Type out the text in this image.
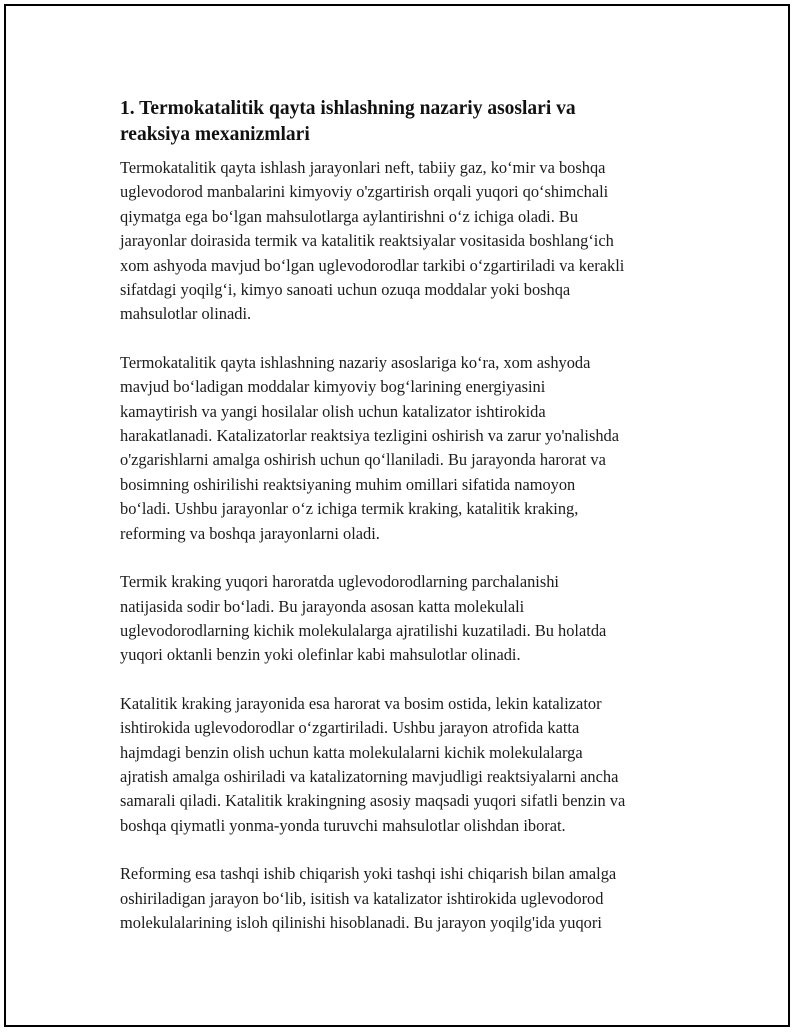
1. Termokatalitik qayta ishlashning nazariy asoslari va
reaksiya mexanizmlari

Termokatalitik qayta ishlash jarayonlari neft, tabiiy gaz, ko‘mir va boshqa
uglevodorod manbalarini kimyoviy o'zgartirish orqali yuqori qo‘shimchali
qiymatga ega bo‘lgan mahsulotlarga aylantirishni o‘z ichiga oladi. Bu
jarayonlar doirasida termik va katalitik reaktsiyalar vositasida boshlang‘ich
xom ashyoda mavjud bo‘lgan uglevodorodlar tarkibi o‘zgartiriladi va kerakli
sifatdagi yoqilg‘i, kimyo sanoati uchun ozuqa moddalar yoki boshqa
mahsulotlar olinadi.

Termokatalitik qayta ishlashning nazariy asoslariga ko‘ra, xom ashyoda
mavjud bo‘ladigan moddalar kimyoviy bog‘larining energiyasini
kamaytirish va yangi hosilalar olish uchun katalizator ishtirokida
harakatlanadi. Katalizatorlar reaktsiya tezligini oshirish va zarur yo'nalishda
o'zgarishlarni amalga oshirish uchun qo‘llaniladi. Bu jarayonda harorat va
bosimning oshirilishi reaktsiyaning muhim omillari sifatida namoyon
bo‘ladi. Ushbu jarayonlar o‘z ichiga termik kraking, katalitik kraking,
reforming va boshqa jarayonlarni oladi.

Termik kraking yuqori haroratda uglevodorodlarning parchalanishi
natijasida sodir bo‘ladi. Bu jarayonda asosan katta molekulali
uglevodorodlarning kichik molekulalarga ajratilishi kuzatiladi. Bu holatda
yuqori oktanli benzin yoki olefinlar kabi mahsulotlar olinadi.

Katalitik kraking jarayonida esa harorat va bosim ostida, lekin katalizator
ishtirokida uglevodorodlar o‘zgartiriladi. Ushbu jarayon atrofida katta
hajmdagi benzin olish uchun katta molekulalarni kichik molekulalarga
ajratish amalga oshiriladi va katalizatorning mavjudligi reaktsiyalarni ancha
samarali qiladi. Katalitik krakingning asosiy maqsadi yuqori sifatli benzin va
boshqa qiymatli yonma-yonda turuvchi mahsulotlar olishdan iborat.

Reforming esa tashqi ishib chiqarish yoki tashqi ishi chiqarish bilan amalga
oshiriladigan jarayon bo‘lib, isitish va katalizator ishtirokida uglevodorod
molekulalarining isloh qilinishi hisoblanadi. Bu jarayon yoqilg'ida yuqori
